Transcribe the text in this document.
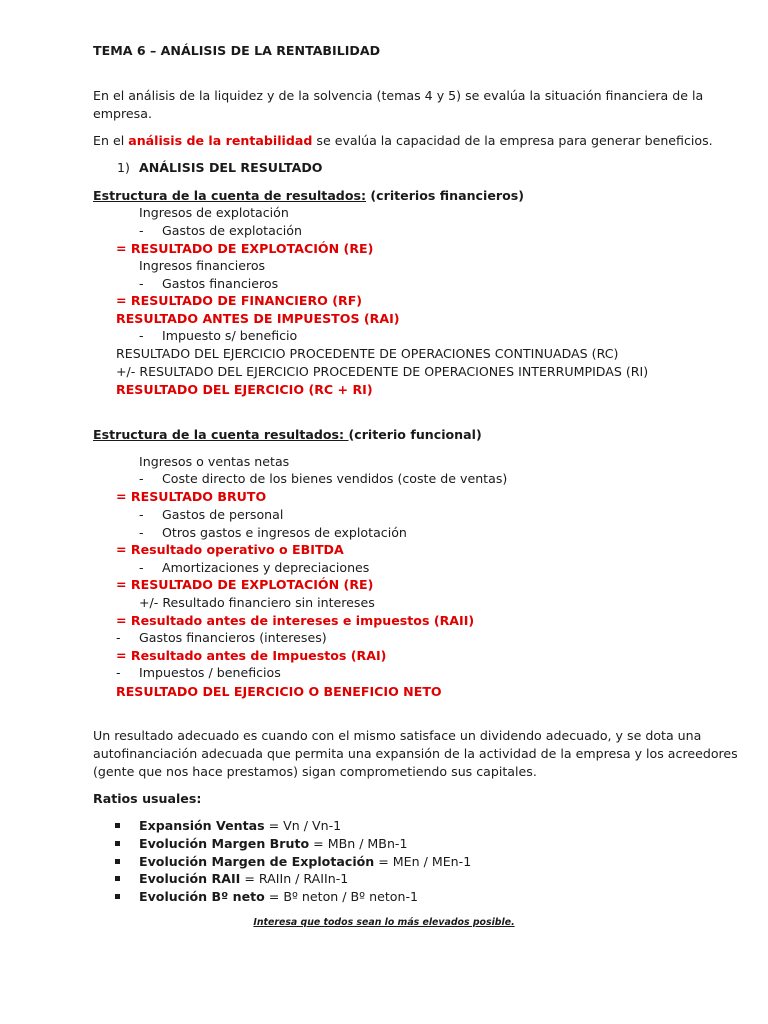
TEMA 6 – ANÁLISIS DE LA RENTABILIDAD
En el análisis de la liquidez y de la solvencia (temas 4 y 5) se evalúa la situación financiera de la
empresa.
En el análisis de la rentabilidad se evalúa la capacidad de la empresa para generar beneficios.
1) ANÁLISIS DEL RESULTADO
Estructura de la cuenta de resultados: (criterios financieros)
Ingresos de explotación
- Gastos de explotación
= RESULTADO DE EXPLOTACIÓN (RE)
Ingresos financieros
- Gastos financieros
= RESULTADO DE FINANCIERO (RF)
RESULTADO ANTES DE IMPUESTOS (RAI)
- Impuesto s/ beneficio
RESULTADO DEL EJERCICIO PROCEDENTE DE OPERACIONES CONTINUADAS (RC)
+/- RESULTADO DEL EJERCICIO PROCEDENTE DE OPERACIONES INTERRUMPIDAS (RI)
RESULTADO DEL EJERCICIO (RC + RI)
Estructura de la cuenta resultados: (criterio funcional)
Ingresos o ventas netas
- Coste directo de los bienes vendidos (coste de ventas)
= RESULTADO BRUTO
- Gastos de personal
- Otros gastos e ingresos de explotación
= Resultado operativo o EBITDA
- Amortizaciones y depreciaciones
= RESULTADO DE EXPLOTACIÓN (RE)
+/- Resultado financiero sin intereses
= Resultado antes de intereses e impuestos (RAII)
- Gastos financieros (intereses)
= Resultado antes de Impuestos (RAI)
- Impuestos / beneficios
RESULTADO DEL EJERCICIO O BENEFICIO NETO
Un resultado adecuado es cuando con el mismo satisface un dividendo adecuado, y se dota una
autofinanciación adecuada que permita una expansión de la actividad de la empresa y los acreedores
(gente que nos hace prestamos) sigan comprometiendo sus capitales.
Ratios usuales:
Expansión Ventas = Vn / Vn-1
Evolución Margen Bruto = MBn / MBn-1
Evolución Margen de Explotación = MEn / MEn-1
Evolución RAII = RAIIn / RAIIn-1
Evolución Bº neto = Bº neton / Bº neton-1
Interesa que todos sean lo más elevados posible.
